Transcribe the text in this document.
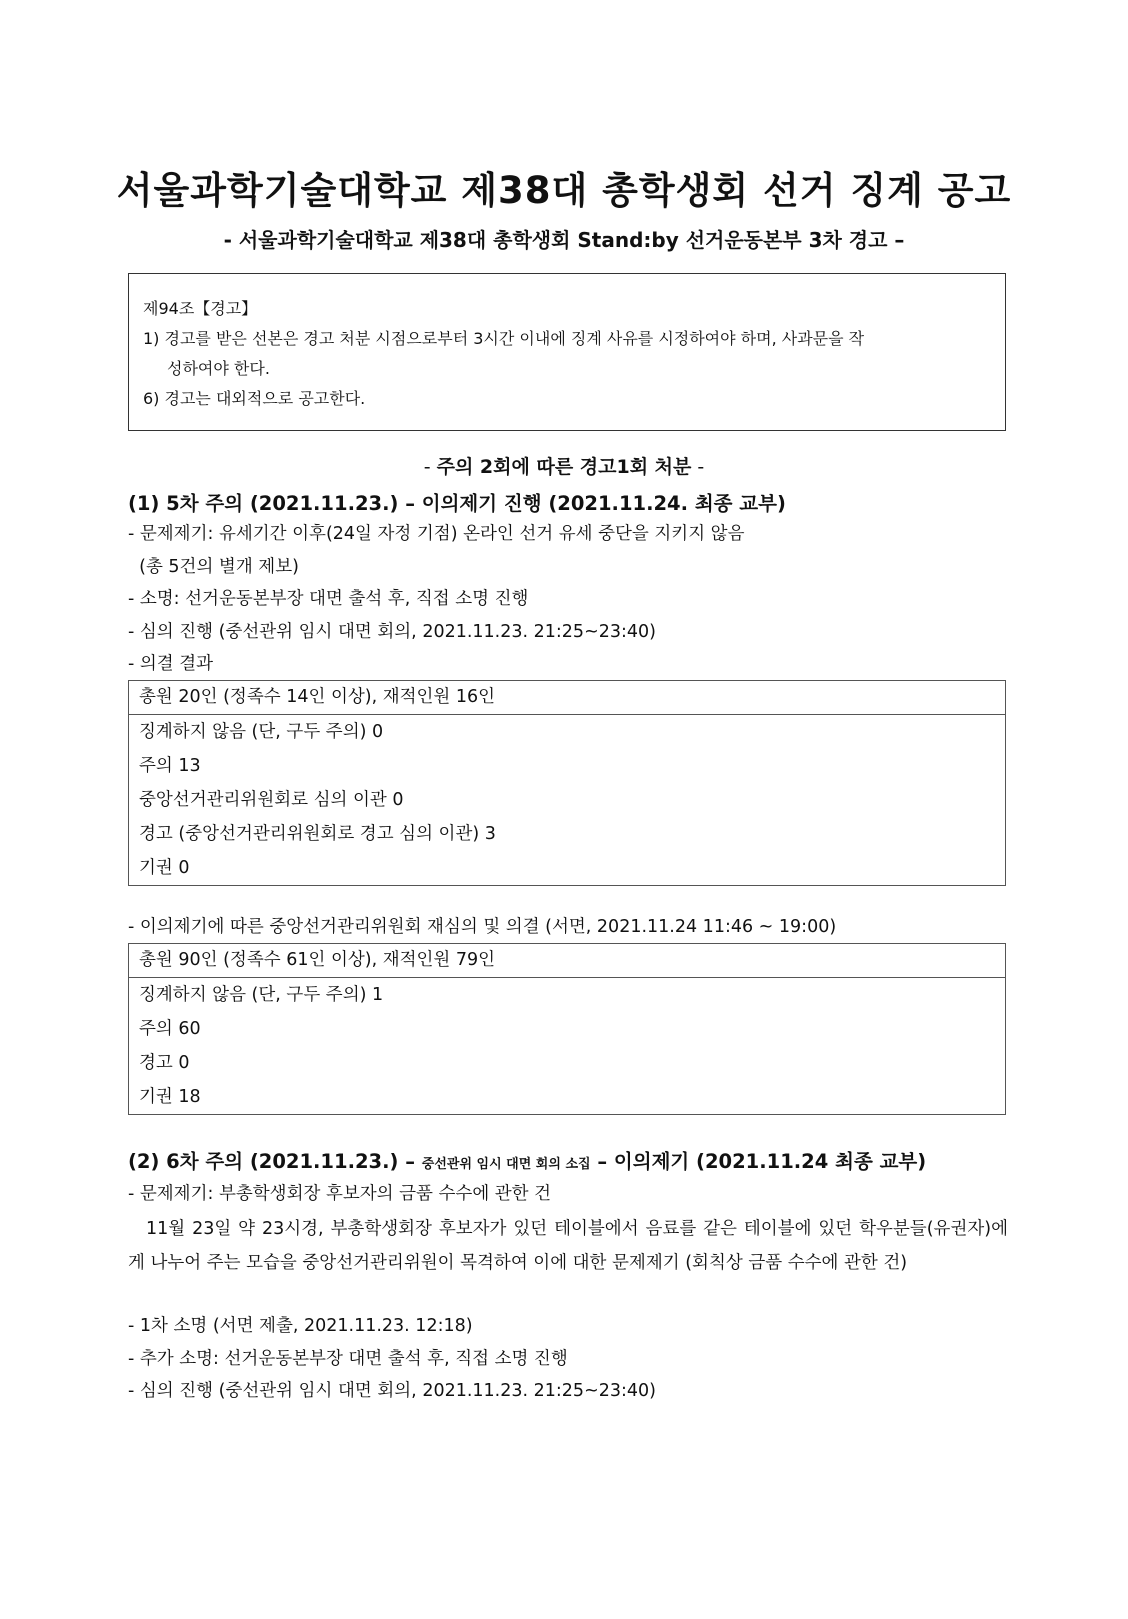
서울과학기술대학교 제38대 총학생회 선거 징계 공고
- 서울과학기술대학교 제38대 총학생회 Stand:by 선거운동본부 3차 경고 –
제94조【경고】
1) 경고를 받은 선본은 경고 처분 시점으로부터 3시간 이내에 징계 사유를 시정하여야 하며, 사과문을 작
성하여야 한다.
6) 경고는 대외적으로 공고한다.
- 주의 2회에 따른 경고1회 처분 -
(1) 5차 주의 (2021.11.23.) – 이의제기 진행 (2021.11.24. 최종 교부)
- 문제제기: 유세기간 이후(24일 자정 기점) 온라인 선거 유세 중단을 지키지 않음
(총 5건의 별개 제보)
- 소명: 선거운동본부장 대면 출석 후, 직접 소명 진행
- 심의 진행 (중선관위 임시 대면 회의, 2021.11.23. 21:25~23:40)
- 의결 결과
총원 20인 (정족수 14인 이상), 재적인원 16인
징계하지 않음 (단, 구두 주의) 0
주의 13
중앙선거관리위원회로 심의 이관 0
경고 (중앙선거관리위원회로 경고 심의 이관) 3
기권 0
- 이의제기에 따른 중앙선거관리위원회 재심의 및 의결 (서면, 2021.11.24 11:46 ~ 19:00)
총원 90인 (정족수 61인 이상), 재적인원 79인
징계하지 않음 (단, 구두 주의) 1
주의 60
경고 0
기권 18
(2) 6차 주의 (2021.11.23.) – 중선관위 임시 대면 회의 소집 – 이의제기 (2021.11.24 최종 교부)
- 문제제기: 부총학생회장 후보자의 금품 수수에 관한 건
11월 23일 약 23시경, 부총학생회장 후보자가 있던 테이블에서 음료를 같은 테이블에 있던 학우분들(유권자)에게 나누어 주는 모습을 중앙선거관리위원이 목격하여 이에 대한 문제제기 (회칙상 금품 수수에 관한 건)
- 1차 소명 (서면 제출, 2021.11.23. 12:18)
- 추가 소명: 선거운동본부장 대면 출석 후, 직접 소명 진행
- 심의 진행 (중선관위 임시 대면 회의, 2021.11.23. 21:25~23:40)
